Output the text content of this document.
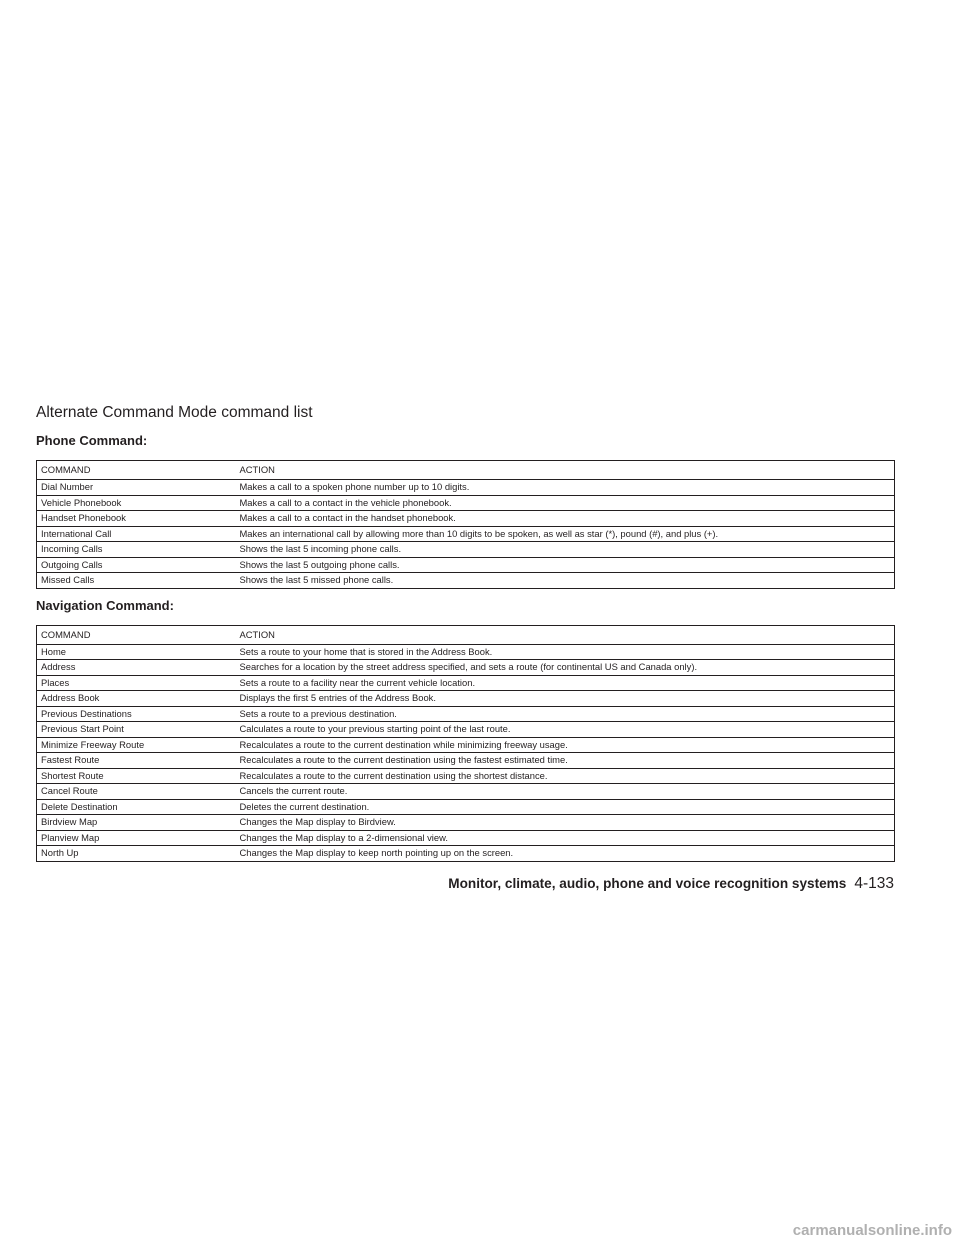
Alternate Command Mode command list
Phone Command:
COMMAND	ACTION
Dial Number	Makes a call to a spoken phone number up to 10 digits.
Vehicle Phonebook	Makes a call to a contact in the vehicle phonebook.
Handset Phonebook	Makes a call to a contact in the handset phonebook.
International Call	Makes an international call by allowing more than 10 digits to be spoken, as well as star (*), pound (#), and plus (+).
Incoming Calls	Shows the last 5 incoming phone calls.
Outgoing Calls	Shows the last 5 outgoing phone calls.
Missed Calls	Shows the last 5 missed phone calls.
Navigation Command:
COMMAND	ACTION
Home	Sets a route to your home that is stored in the Address Book.
Address	Searches for a location by the street address specified, and sets a route (for continental US and Canada only).
Places	Sets a route to a facility near the current vehicle location.
Address Book	Displays the first 5 entries of the Address Book.
Previous Destinations	Sets a route to a previous destination.
Previous Start Point	Calculates a route to your previous starting point of the last route.
Minimize Freeway Route	Recalculates a route to the current destination while minimizing freeway usage.
Fastest Route	Recalculates a route to the current destination using the fastest estimated time.
Shortest Route	Recalculates a route to the current destination using the shortest distance.
Cancel Route	Cancels the current route.
Delete Destination	Deletes the current destination.
Birdview Map	Changes the Map display to Birdview.
Planview Map	Changes the Map display to a 2-dimensional view.
North Up	Changes the Map display to keep north pointing up on the screen.
Monitor, climate, audio, phone and voice recognition systems 4-133
carmanualsonline.info
